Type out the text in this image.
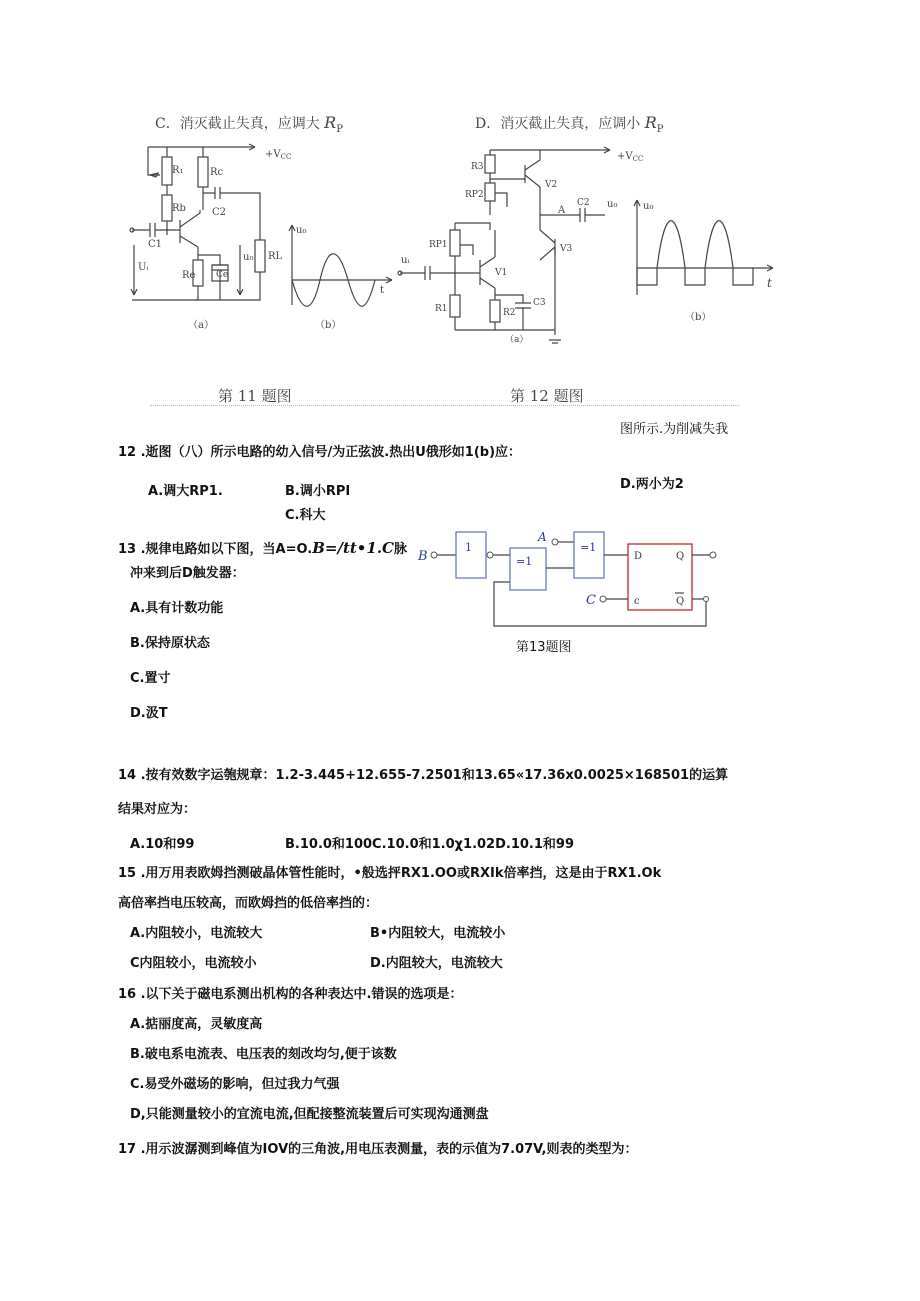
C．消灭截止失真，应调大 $R_P$	D．消灭截止失真，应调小 $R_P$
R₁	Rc
Rb
C1
C2
Uᵢ
Re Ce
RL
u₀
$+V_{CC}$
（a）
u₀
t
（b）
R3
RP2
RP1
R1	R2
C2
C3
V1
V2
V3
A
u₀
uᵢ
$+V_{CC}$
（a）
u₀
t
（b）
第 11 题图	第 12 题图
图所示.为削减失我
12 .逝图（八）所示电路的幼入信号/为正弦波.热出U俄形如1(b)应：
D.两小为2
A.调大RP1.	B.调小RPI
C.科大
13 .规律电路如以下图，当A=O.B=/tt•1.C脉
冲来到后D触发器：
A.具有计数功能
B.保持原状态
C.置寸
D.汲T
B
1
=1
A
=1
D	Q
c	Q
C
第13题图
14 .按有效数字运匏规章：1.2-3.445+12.655-7.2501和13.65«17.36x0.0025×168501的运算
结果对应为：
A.10和99	B.10.0和100C.10.0和1.0χ1.02D.10.1和99
15 .用万用表欧姆挡测破晶体管性能时，•般选抨RX1.OO或RXIk倍率挡，这是由于RX1.Ok
高倍率挡电压较高，而欧姆挡的低倍率挡的：
A.内阻较小，电流较大	B•内阻较大，电流较小
C内阻较小，电流较小	D.内阻较大，电流较大
16 .以下关于磁电系测出机构的各种表达中.错误的选项是：
A.掂丽度高，灵敏度高
B.破电系电流表、电压表的刻改均匀,便于该数
C.易受外磁场的影响，但过我力气强
D,只能测量较小的宜流电流,但配接整流装置后可实现沟通测盘
17 .用示波潺测到峰值为IOV的三角波,用电压表测量，表的示值为7.07V,则表的类型为：
